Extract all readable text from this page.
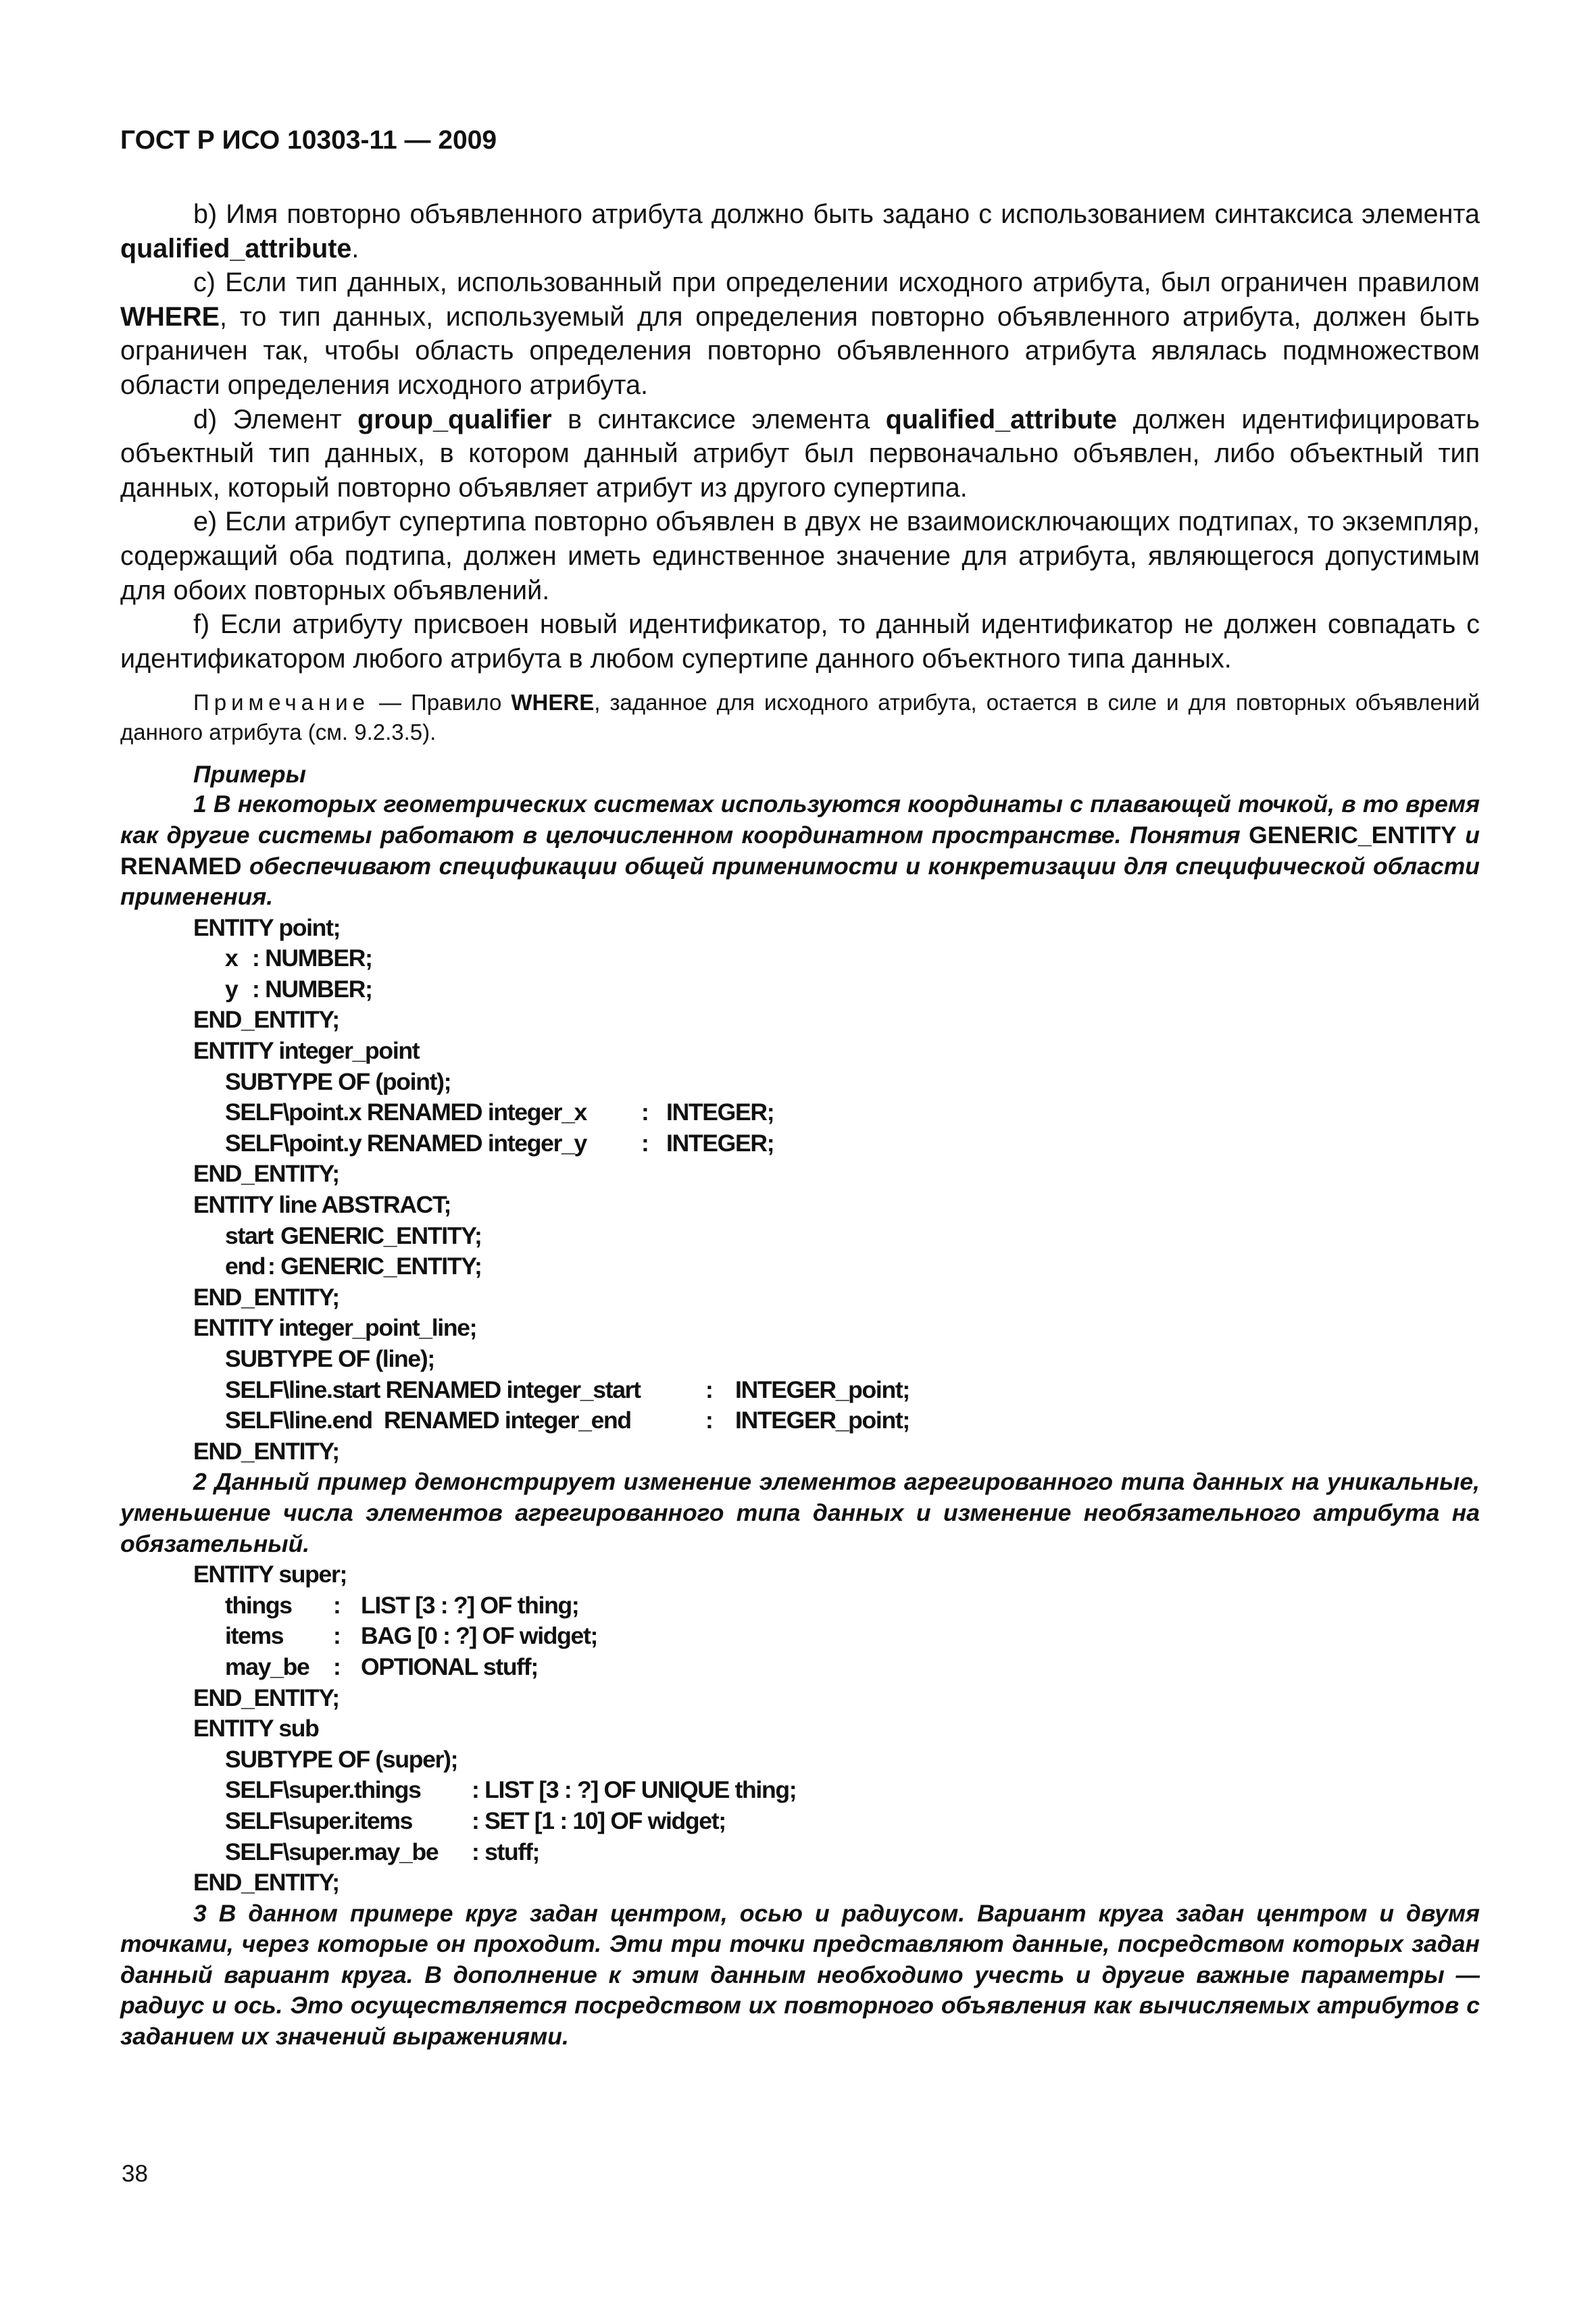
ГОСТ Р ИСО 10303-11 — 2009

b) Имя повторно объявленного атрибута должно быть задано с использованием синтаксиса элемента qualified_attribute.

c) Если тип данных, использованный при определении исходного атрибута, был ограничен правилом WHERE, то тип данных, используемый для определения повторно объявленного атрибута, должен быть ограничен так, чтобы область определения повторно объявленного атрибута являлась подмножеством области определения исходного атрибута.

d) Элемент group_qualifier в синтаксисе элемента qualified_attribute должен идентифицировать объектный тип данных, в котором данный атрибут был первоначально объявлен, либо объектный тип данных, который повторно объявляет атрибут из другого супертипа.

e) Если атрибут супертипа повторно объявлен в двух не взаимоисключающих подтипах, то экземпляр, содержащий оба подтипа, должен иметь единственное значение для атрибута, являющегося допустимым для обоих повторных объявлений.

f) Если атрибуту присвоен новый идентификатор, то данный идентификатор не должен совпадать с идентификатором любого атрибута в любом супертипе данного объектного типа данных.

Примечание — Правило WHERE, заданное для исходного атрибута, остается в силе и для повторных объявлений данного атрибута (см. 9.2.3.5).

Примеры

1 В некоторых геометрических системах используются координаты с плавающей точкой, в то время как другие системы работают в целочисленном координатном пространстве. Понятия GENERIC_ENTITY и RENAMED обеспечивают спецификации общей применимости и конкретизации для специфической области применения.

ENTITY point;
x : NUMBER;
y : NUMBER;
END_ENTITY;
ENTITY integer_point
SUBTYPE OF (point);
SELF\point.x RENAMED integer_x : INTEGER;
SELF\point.y RENAMED integer_y : INTEGER;
END_ENTITY;
ENTITY line ABSTRACT;
start
: GENERIC_ENTITY;
end : GENERIC_ENTITY;
END_ENTITY;
ENTITY integer_point_line;
SUBTYPE OF (line);
SELF\line.start RENAMED integer_start	: INTEGER_point;
SELF\line.end  RENAMED integer_end	: INTEGER_point;
END_ENTITY;

2 Данный пример демонстрирует изменение элементов агрегированного типа данных на уникальные, уменьшение числа элементов агрегированного типа данных и изменение необязательного атрибута на обязательный.

ENTITY super;
things : LIST [3 : ?] OF thing;
items : BAG [0 : ?] OF widget;
may_be : OPTIONAL stuff;
END_ENTITY;
ENTITY sub
SUBTYPE OF (super);
SELF\super.things : LIST [3 : ?] OF UNIQUE thing;
SELF\super.items : SET [1 : 10] OF widget;
SELF\super.may_be : stuff;
END_ENTITY;

3 В данном примере круг задан центром, осью и радиусом. Вариант круга задан центром и двумя точками, через которые он проходит. Эти три точки представляют данные, посредством которых задан данный вариант круга. В дополнение к этим данным необходимо учесть и другие важные параметры — радиус и ось. Это осуществляется посредством их повторного объявления как вычисляемых атрибутов с заданием их значений выражениями.

38
